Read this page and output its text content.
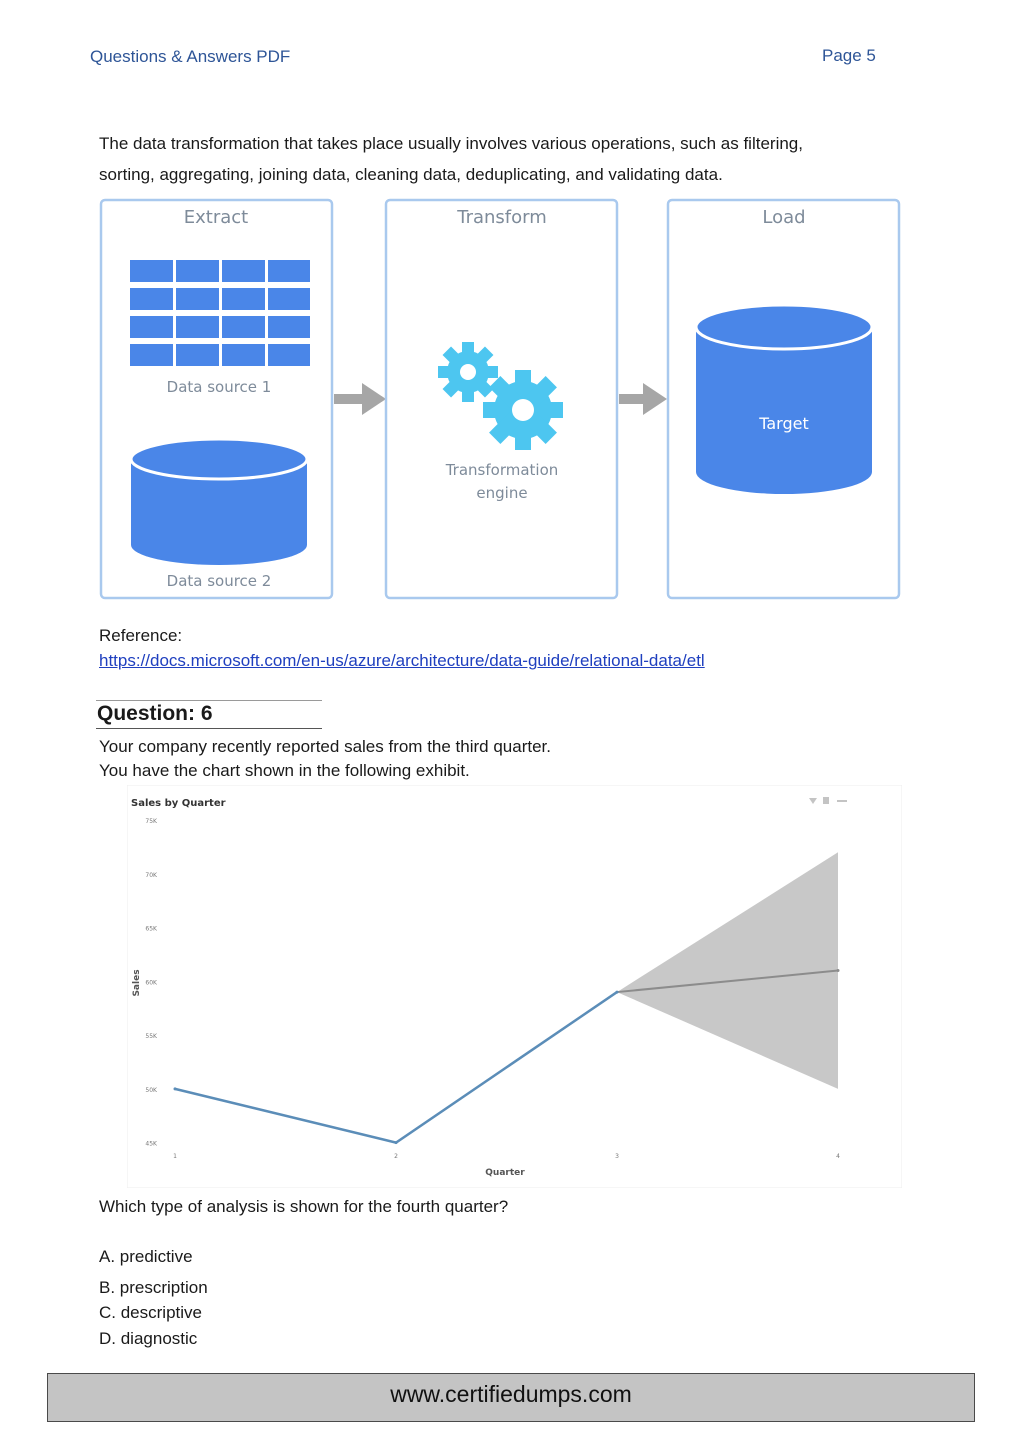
Questions & Answers PDF	Page 5
The data transformation that takes place usually involves various operations, such as filtering,
sorting, aggregating, joining data, cleaning data, deduplicating, and validating data.
Extract
Data source 1
Data source 2
Transform
Transformation
engine
Load
Target
Reference:
https://docs.microsoft.com/en-us/azure/architecture/data-guide/relational-data/etl
Question: 6
Your company recently reported sales from the third quarter.
You have the chart shown in the following exhibit.
Sales by Quarter
Sales
Quarter
75K
70K
65K
60K
55K
50K
45K
1	2	3	4
Which type of analysis is shown for the fourth quarter?
A. predictive
B. prescription
C. descriptive
D. diagnostic
www.certifiedumps.com
